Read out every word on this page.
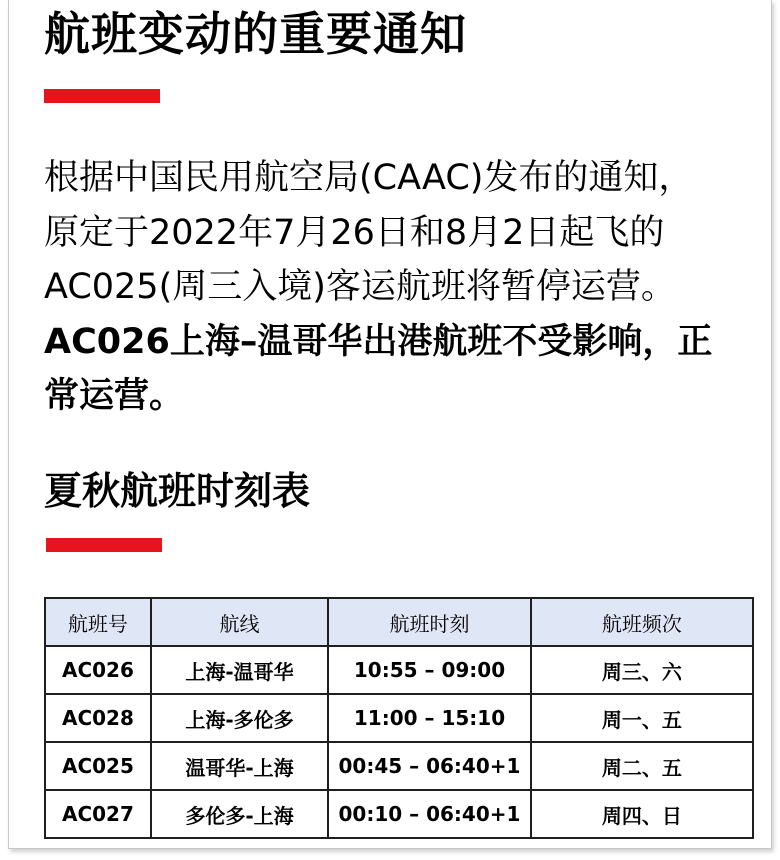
航班变动的重要通知
根据中国民用航空局(CAAC)发布的通知，
原定于2022年7月26日和8月2日起飞的
AC025(周三入境)客运航班将暂停运营。
AC026上海–温哥华出港航班不受影响，正
常运营。
夏秋航班时刻表
航班号	航线	航班时刻	航班频次
AC026	上海-温哥华	10:55 – 09:00	周三、六
AC028	上海-多伦多	11:00 – 15:10	周一、五
AC025	温哥华-上海	00:45 – 06:40+1	周二、五
AC027	多伦多-上海	00:10 – 06:40+1	周四、日
